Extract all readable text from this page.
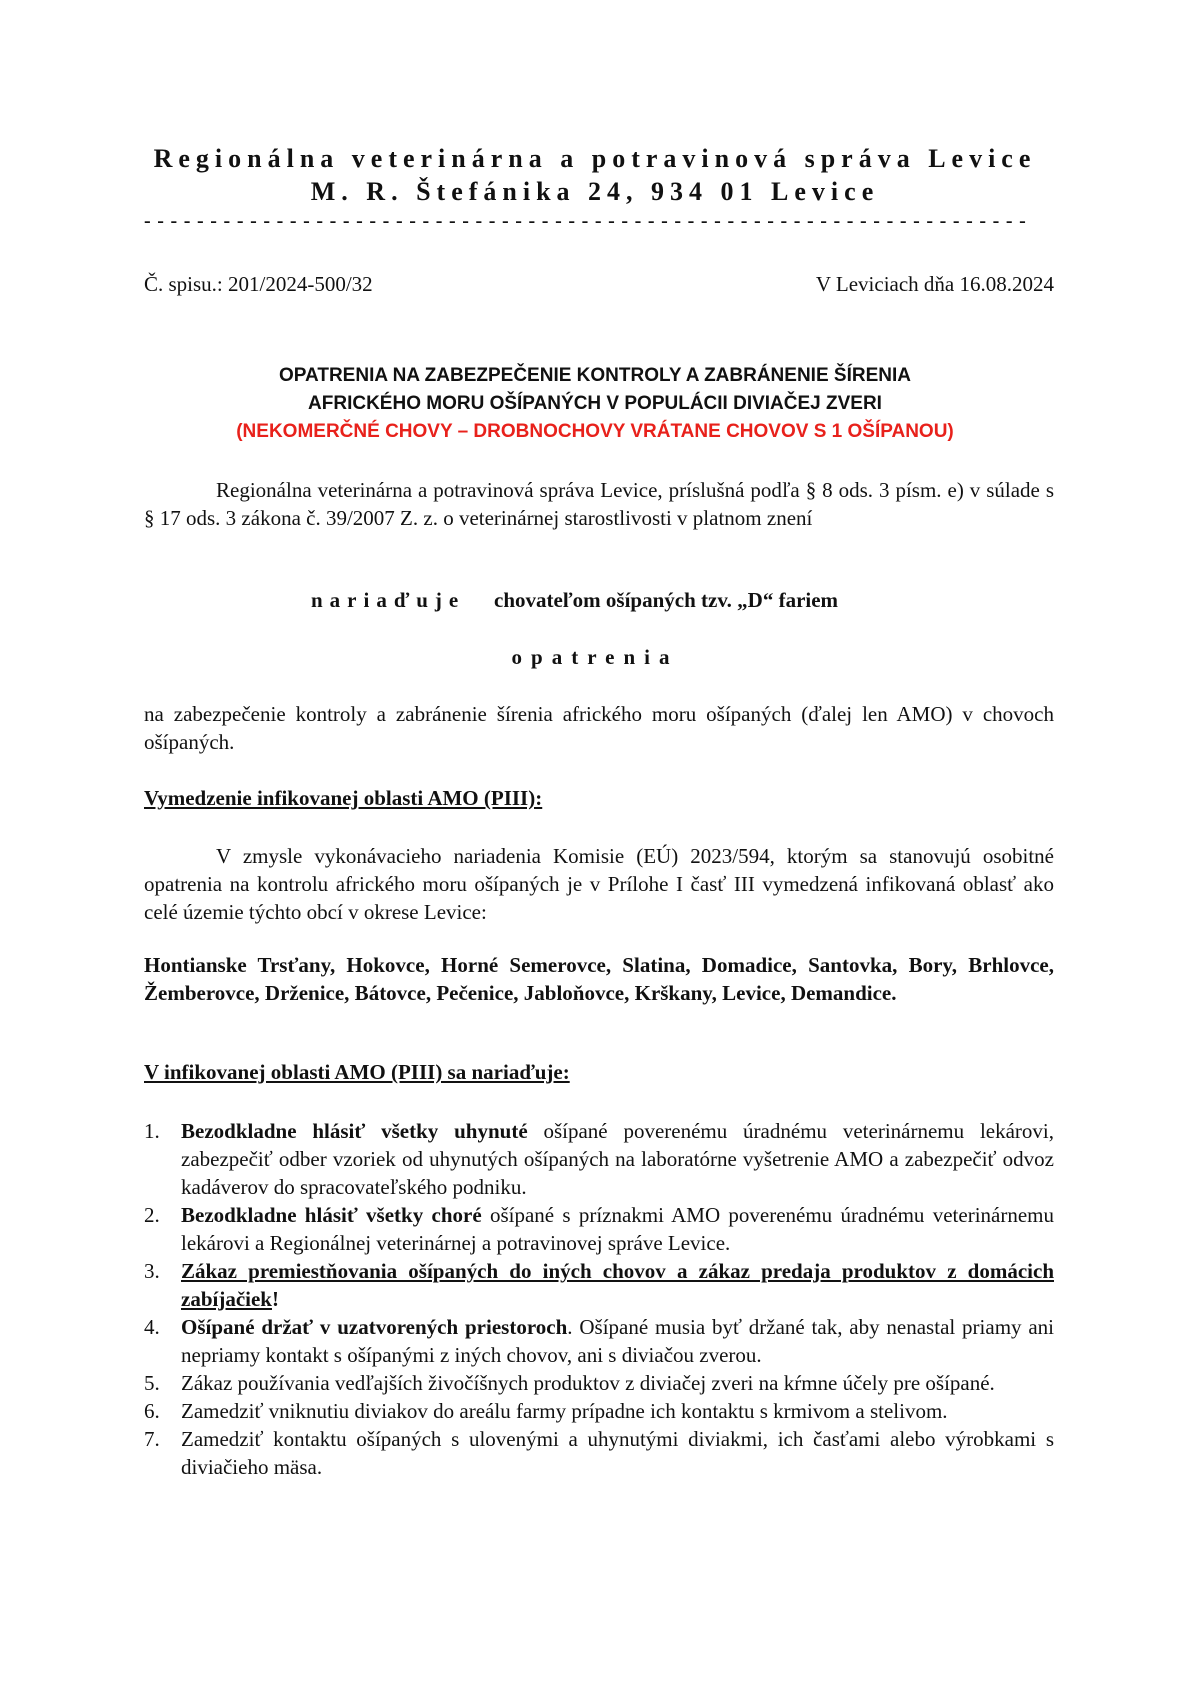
Regionálna veterinárna a potravinová správa Levice
M. R. Štefánika 24, 934 01 Levice
-------------------------------------------------------------------
Č. spisu.: 201/2024-500/32	V Leviciach dňa 16.08.2024
OPATRENIA NA ZABEZPEČENIE KONTROLY A ZABRÁNENIE ŠÍRENIA
AFRICKÉHO MORU OŠÍPANÝCH V POPULÁCII DIVIAČEJ ZVERI
(NEKOMERČNÉ CHOVY – DROBNOCHOVY VRÁTANE CHOVOV S 1 OŠÍPANOU)
Regionálna veterinárna a potravinová správa Levice, príslušná podľa § 8 ods. 3 písm. e) v súlade s § 17 ods. 3 zákona č. 39/2007 Z. z. o veterinárnej starostlivosti v platnom znení
nariaďuje chovateľom ošípaných tzv. „D“ fariem
opatrenia
na zabezpečenie kontroly a zabránenie šírenia afrického moru ošípaných (ďalej len AMO) v chovoch ošípaných.
Vymedzenie infikovanej oblasti AMO (PIII):
V zmysle vykonávacieho nariadenia Komisie (EÚ) 2023/594, ktorým sa stanovujú osobitné opatrenia na kontrolu afrického moru ošípaných je v Prílohe I časť III vymedzená infikovaná oblasť ako celé územie týchto obcí v okrese Levice:
Hontianske Trsťany, Hokovce, Horné Semerovce, Slatina, Domadice, Santovka, Bory, Brhlovce, Žemberovce, Drženice, Bátovce, Pečenice, Jabloňovce, Krškany, Levice, Demandice.
V infikovanej oblasti AMO (PIII) sa nariaďuje:
1. Bezodkladne hlásiť všetky uhynuté ošípané poverenému úradnému veterinárnemu lekárovi, zabezpečiť odber vzoriek od uhynutých ošípaných na laboratórne vyšetrenie AMO a zabezpečiť odvoz kadáverov do spracovateľského podniku.
2. Bezodkladne hlásiť všetky choré ošípané s príznakmi AMO poverenému úradnému veterinárnemu lekárovi a Regionálnej veterinárnej a potravinovej správe Levice.
3. Zákaz premiestňovania ošípaných do iných chovov a zákaz predaja produktov z domácich zabíjačiek!
4. Ošípané držať v uzatvorených priestoroch. Ošípané musia byť držané tak, aby nenastal priamy ani nepriamy kontakt s ošípanými z iných chovov, ani s diviačou zverou.
5. Zákaz používania vedľajších živočíšnych produktov z diviačej zveri na kŕmne účely pre ošípané.
6. Zamedziť vniknutiu diviakov do areálu farmy prípadne ich kontaktu s krmivom a stelivom.
7. Zamedziť kontaktu ošípaných s ulovenými a uhynutými diviakmi, ich časťami alebo výrobkami s diviačieho mäsa.
